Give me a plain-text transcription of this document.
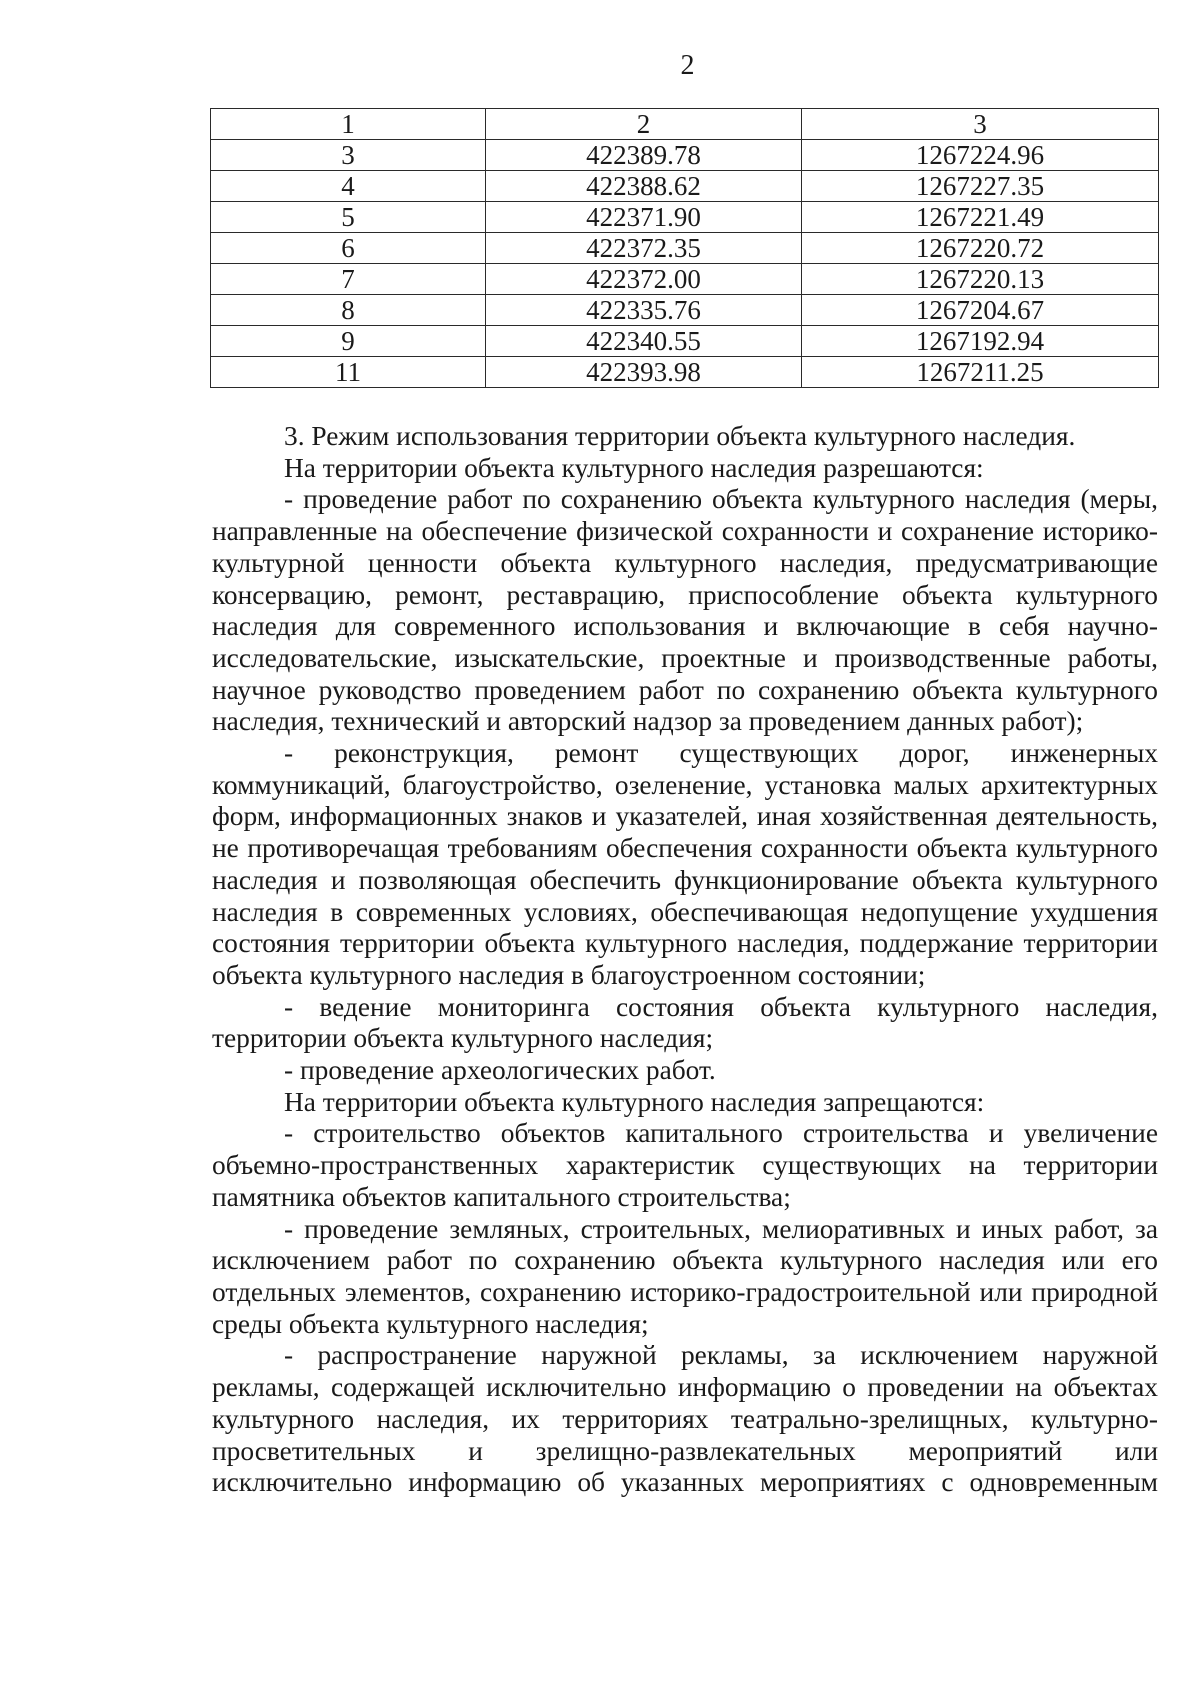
2
1	2	3
3	422389.78	1267224.96
4	422388.62	1267227.35
5	422371.90	1267221.49
6	422372.35	1267220.72
7	422372.00	1267220.13
8	422335.76	1267204.67
9	422340.55	1267192.94
11	422393.98	1267211.25

3. Режим использования территории объекта культурного наследия.

На территории объекта культурного наследия разрешаются:

- проведение работ по сохранению объекта культурного наследия (меры, направленные на обеспечение физической сохранности и сохранение историко-культурной ценности объекта культурного наследия, предусматривающие консервацию, ремонт, реставрацию, приспособление объекта культурного наследия для современного использования и включающие в себя научно-исследовательские, изыскательские, проектные и производственные работы, научное руководство проведением работ по сохранению объекта культурного наследия, технический и авторский надзор за проведением данных работ);

- реконструкция, ремонт существующих дорог, инженерных коммуникаций, благоустройство, озеленение, установка малых архитектурных форм, информационных знаков и указателей, иная хозяйственная деятельность, не противоречащая требованиям обеспечения сохранности объекта культурного наследия и позволяющая обеспечить функционирование объекта культурного наследия в современных условиях, обеспечивающая недопущение ухудшения состояния территории объекта культурного наследия, поддержание территории объекта культурного наследия в благоустроенном состоянии;

- ведение мониторинга состояния объекта культурного наследия, территории объекта культурного наследия;

- проведение археологических работ.

На территории объекта культурного наследия запрещаются:

- строительство объектов капитального строительства и увеличение объемно-пространственных характеристик существующих на территории памятника объектов капитального строительства;

- проведение земляных, строительных, мелиоративных и иных работ, за исключением работ по сохранению объекта культурного наследия или его отдельных элементов, сохранению историко-градостроительной или природной среды объекта культурного наследия;

- распространение наружной рекламы, за исключением наружной рекламы, содержащей исключительно информацию о проведении на объектах культурного наследия, их территориях театрально-зрелищных, культурно-просветительных и зрелищно-развлекательных мероприятий или исключительно информацию об указанных мероприятиях с одновременным
